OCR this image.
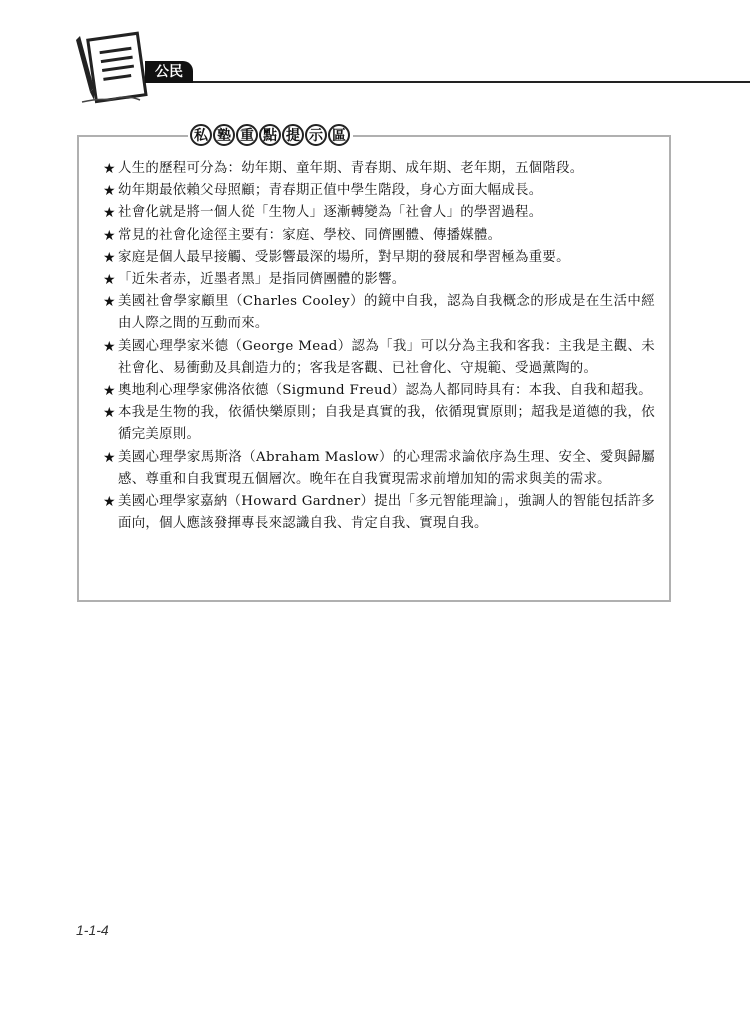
公民
私 塾 重 點 提 示 區
★ 人生的歷程可分為：幼年期、童年期、青春期、成年期、老年期，五個階段。
★ 幼年期最依賴父母照顧；青春期正值中學生階段，身心方面大幅成長。
★ 社會化就是將一個人從「生物人」逐漸轉變為「社會人」的學習過程。
★ 常見的社會化途徑主要有：家庭、學校、同儕團體、傳播媒體。
★ 家庭是個人最早接觸、受影響最深的場所，對早期的發展和學習極為重要。
★ 「近朱者赤，近墨者黑」是指同儕團體的影響。
★ 美國社會學家顧里（Charles Cooley）的鏡中自我，認為自我概念的形成是在生活中經由人際之間的互動而來。
★ 美國心理學家米德（George Mead）認為「我」可以分為主我和客我：主我是主觀、未社會化、易衝動及具創造力的；客我是客觀、已社會化、守規範、受過薰陶的。
★ 奧地利心理學家佛洛依德（Sigmund Freud）認為人都同時具有：本我、自我和超我。
★ 本我是生物的我，依循快樂原則；自我是真實的我，依循現實原則；超我是道德的我，依循完美原則。
★ 美國心理學家馬斯洛（Abraham Maslow）的心理需求論依序為生理、安全、愛與歸屬感、尊重和自我實現五個層次。晚年在自我實現需求前增加知的需求與美的需求。
★ 美國心理學家嘉納（Howard Gardner）提出「多元智能理論」，強調人的智能包括許多面向，個人應該發揮專長來認識自我、肯定自我、實現自我。
1-1-4
